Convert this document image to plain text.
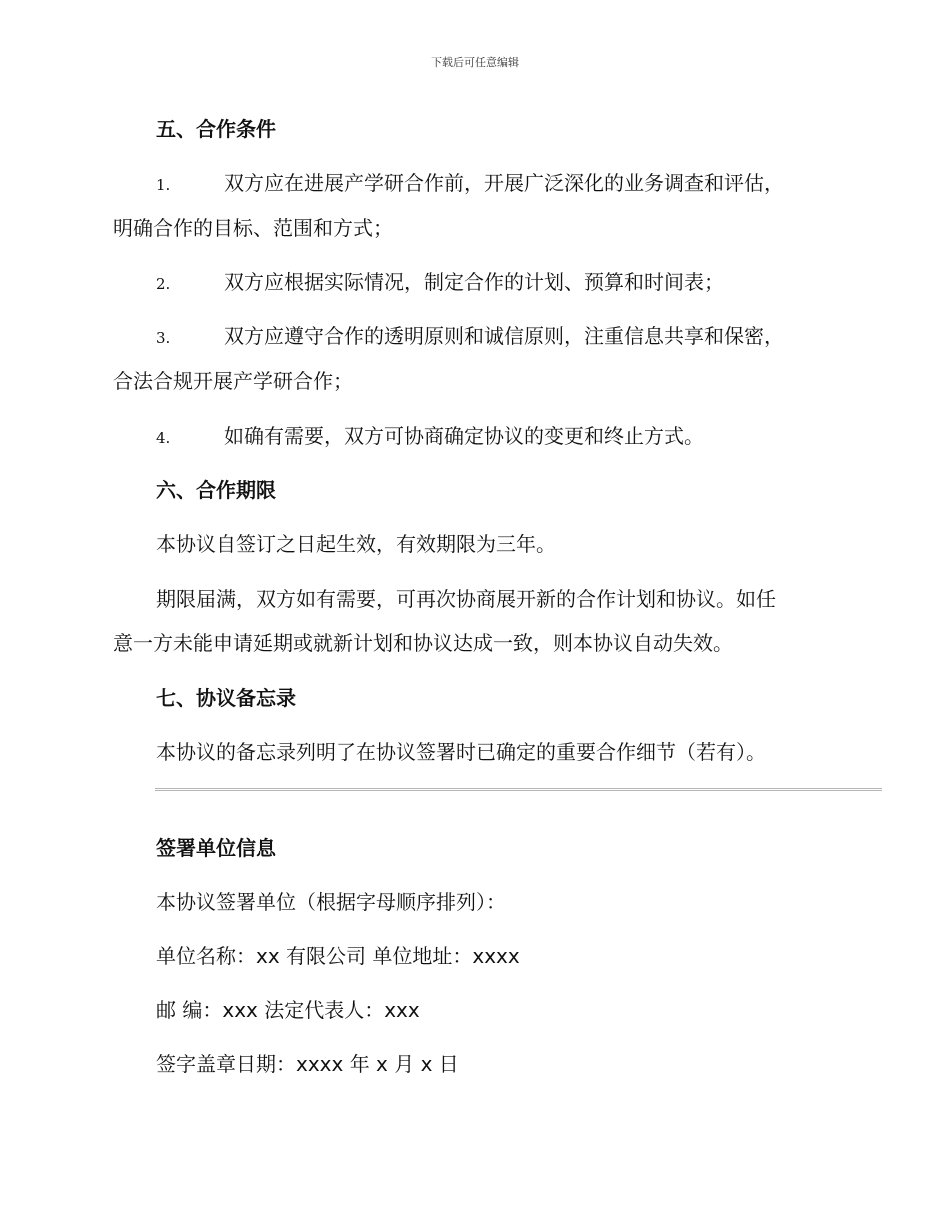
下载后可任意编辑
五、合作条件
1.	双方应在进展产学研合作前，开展广泛深化的业务调查和评估，
明确合作的目标、范围和方式；
2.	双方应根据实际情况，制定合作的计划、预算和时间表；
3.	双方应遵守合作的透明原则和诚信原则，注重信息共享和保密，
合法合规开展产学研合作；
4.	如确有需要，双方可协商确定协议的变更和终止方式。
六、合作期限
本协议自签订之日起生效，有效期限为三年。
期限届满，双方如有需要，可再次协商展开新的合作计划和协议。如任
意一方未能申请延期或就新计划和协议达成一致，则本协议自动失效。
七、协议备忘录
本协议的备忘录列明了在协议签署时已确定的重要合作细节（若有）。
签署单位信息
本协议签署单位（根据字母顺序排列）：
单位名称：xx 有限公司 单位地址：xxxx
邮 编：xxx 法定代表人：xxx
签字盖章日期：xxxx 年 x 月 x 日
